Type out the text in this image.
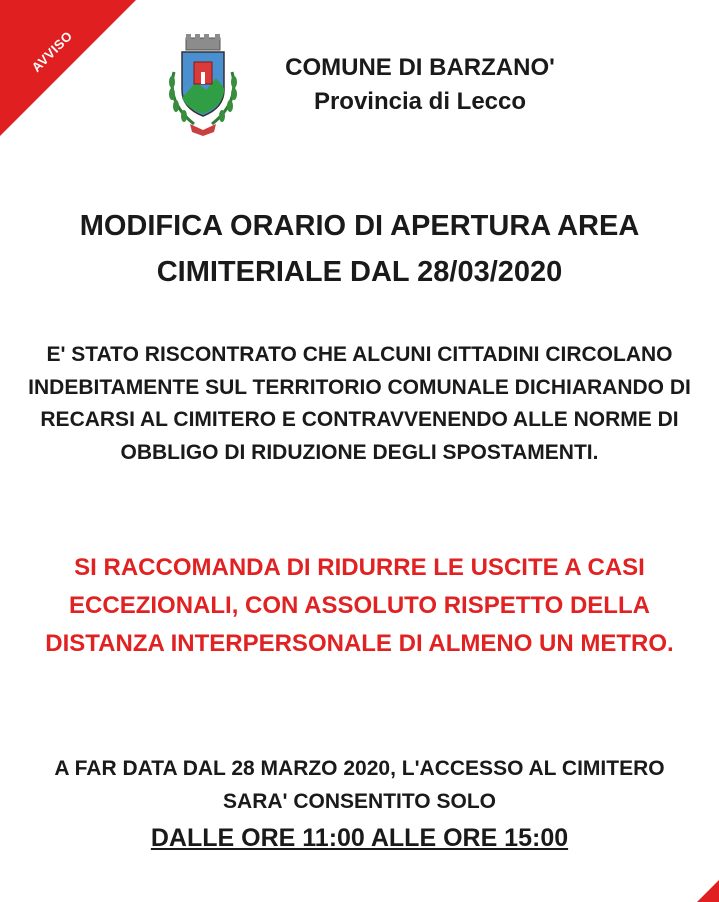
AVVISO	COMUNE DI BARZANO'
Provincia di Lecco
MODIFICA ORARIO DI APERTURA AREA CIMITERIALE DAL 28/03/2020
E' STATO RISCONTRATO CHE ALCUNI CITTADINI CIRCOLANO INDEBITAMENTE SUL TERRITORIO COMUNALE DICHIARANDO DI RECARSI AL CIMITERO E CONTRAVVENENDO ALLE NORME DI OBBLIGO DI RIDUZIONE DEGLI SPOSTAMENTI.
SI RACCOMANDA DI RIDURRE LE USCITE A CASI ECCEZIONALI, CON ASSOLUTO RISPETTO DELLA DISTANZA INTERPERSONALE DI ALMENO UN METRO.
A FAR DATA DAL 28 MARZO 2020, L'ACCESSO AL CIMITERO SARA' CONSENTITO SOLO
DALLE ORE 11:00 ALLE ORE 15:00
